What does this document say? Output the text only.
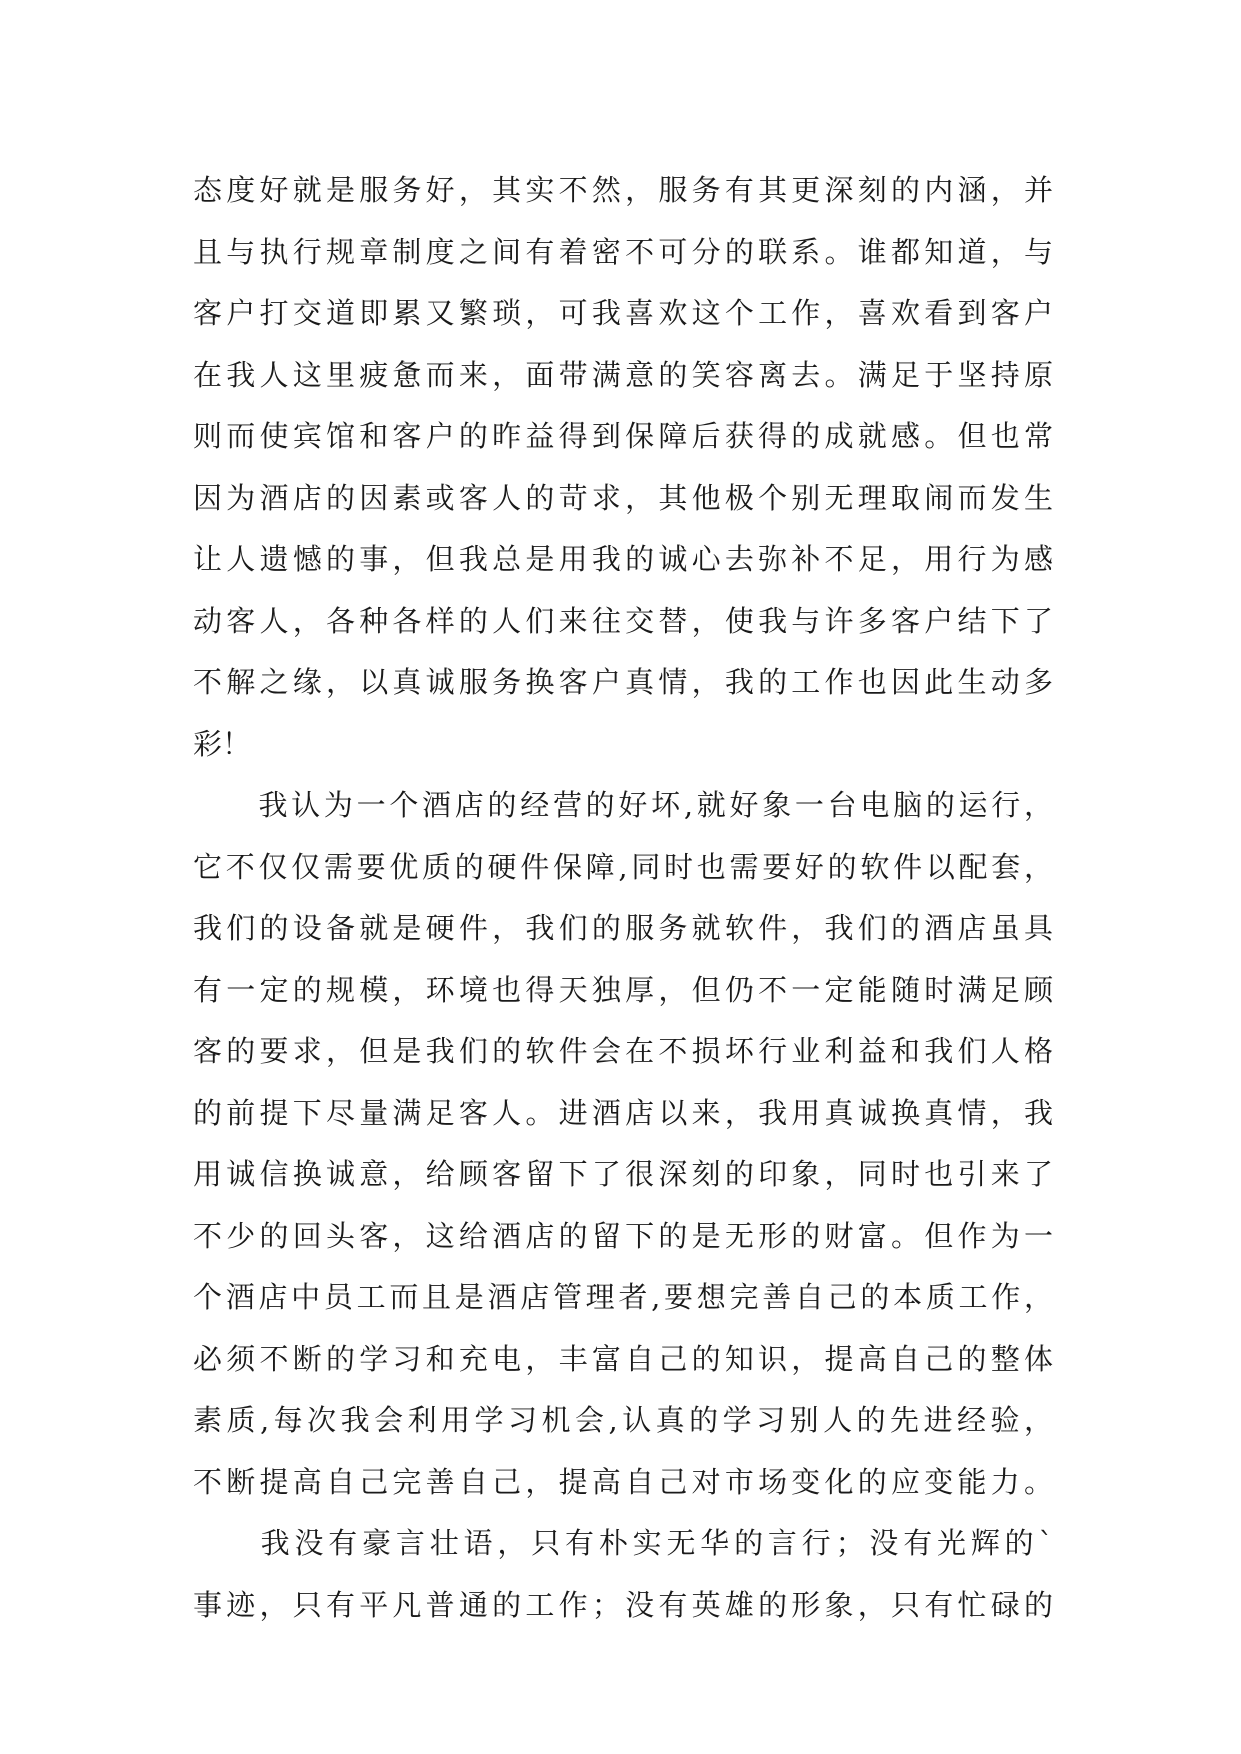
态度好就是服务好，其实不然，服务有其更深刻的内涵，并
且与执行规章制度之间有着密不可分的联系。谁都知道，与
客户打交道即累又繁琐，可我喜欢这个工作，喜欢看到客户
在我人这里疲惫而来，面带满意的笑容离去。满足于坚持原
则而使宾馆和客户的昨益得到保障后获得的成就感。但也常
因为酒店的因素或客人的苛求，其他极个别无理取闹而发生
让人遗憾的事，但我总是用我的诚心去弥补不足，用行为感
动客人，各种各样的人们来往交替，使我与许多客户结下了
不解之缘，以真诚服务换客户真情，我的工作也因此生动多
彩！
　　我认为一个酒店的经营的好坏,就好象一台电脑的运行，
它不仅仅需要优质的硬件保障,同时也需要好的软件以配套，
我们的设备就是硬件，我们的服务就软件，我们的酒店虽具
有一定的规模，环境也得天独厚，但仍不一定能随时满足顾
客的要求，但是我们的软件会在不损坏行业利益和我们人格
的前提下尽量满足客人。进酒店以来，我用真诚换真情，我
用诚信换诚意，给顾客留下了很深刻的印象，同时也引来了
不少的回头客，这给酒店的留下的是无形的财富。但作为一
个酒店中员工而且是酒店管理者,要想完善自己的本质工作，
必须不断的学习和充电，丰富自己的知识，提高自己的整体
素质,每次我会利用学习机会,认真的学习别人的先进经验，
不断提高自己完善自己，提高自己对市场变化的应变能力。
　　我没有豪言壮语，只有朴实无华的言行；没有光辉的`
事迹，只有平凡普通的工作；没有英雄的形象，只有忙碌的
